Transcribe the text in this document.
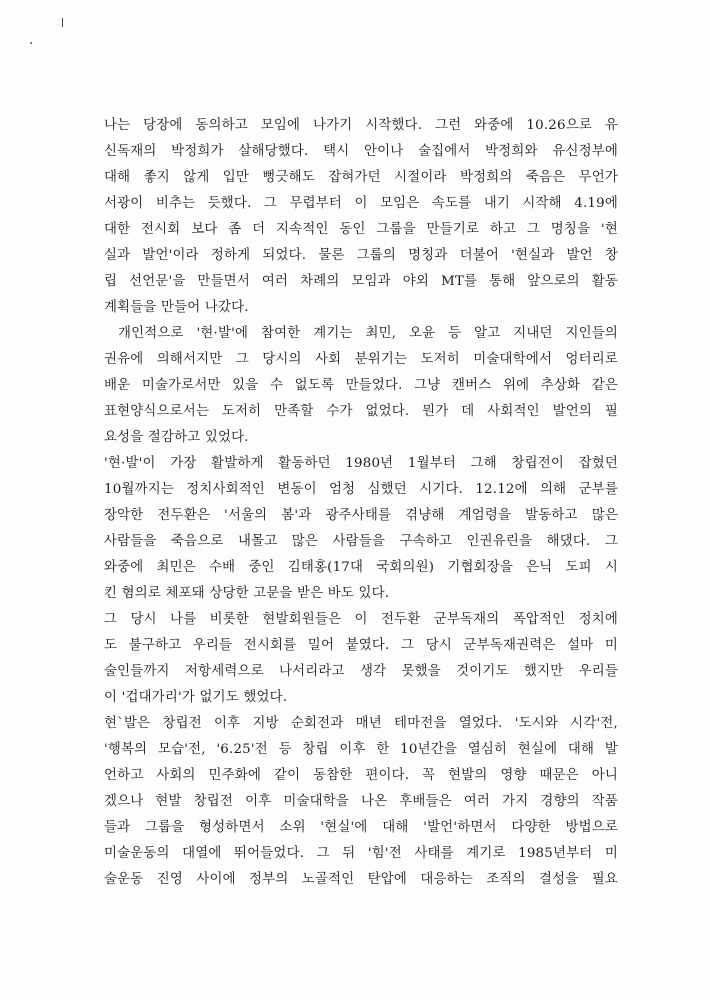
나는 당장에 동의하고 모임에 나가기 시작했다. 그런 와중에 10.26으로 유
신독재의 박정희가 살해당했다. 택시 안이나 술집에서 박정희와 유신정부에
대해 좋지 않게 입만 뻥긋해도 잡혀가던 시절이라 박정희의 죽음은 무언가
서광이 비추는 듯했다. 그 무렵부터 이 모임은 속도를 내기 시작해 4.19에
대한 전시회 보다 좀 더 지속적인 동인 그룹을 만들기로 하고 그 명칭을 '현
실과 발언'이라 정하게 되었다. 물론 그룹의 명칭과 더불어 '현실과 발언 창
립 선언문'을 만들면서 여러 차례의 모임과 야외 MT를 통해 앞으로의 활동
계획들을 만들어 나갔다.
개인적으로 '현·발'에 참여한 계기는 최민, 오윤 등 알고 지내던 지인들의
권유에 의해서지만 그 당시의 사회 분위기는 도저히 미술대학에서 엉터리로
배운 미술가로서만 있을 수 없도록 만들었다. 그냥 캔버스 위에 추상화 같은
표현양식으로서는 도저히 만족할 수가 없었다. 뭔가 데 사회적인 발언의 필
요성을 절감하고 있었다.
'현·발'이 가장 활발하게 활동하던 1980년 1월부터 그해 창립전이 잡혔던
10월까지는 정치사회적인 변동이 엄청 심했던 시기다. 12.12에 의해 군부를
장악한 전두환은 '서울의 봄'과 광주사태를 겪냥해 계엄령을 발동하고 많은
사람들을 죽음으로 내몰고 많은 사람들을 구속하고 인권유린을 해댔다. 그
와중에 최민은 수배 중인 김태홍(17대 국회의원) 기협회장을 은닉 도피 시
킨 혐의로 체포돼 상당한 고문을 받은 바도 있다.
그 당시 나를 비롯한 현발회원들은 이 전두환 군부독재의 폭압적인 정치에
도 불구하고 우리들 전시회를 밀어 붙였다. 그 당시 군부독재권력은 설마 미
술인들까지 저항세력으로 나서리라고 생각 못했을 것이기도 했지만 우리들
이 '겁대가리'가 없기도 했었다.
현`발은 창립전 이후 지방 순회전과 매년 테마전을 열었다. '도시와 시각'전,
'행복의 모습'전, '6.25'전 등 창립 이후 한 10년간을 열심히 현실에 대해 발
언하고 사회의 민주화에 같이 동참한 편이다. 꼭 현발의 영향 때문은 아니
겠으나 현발 창립전 이후 미술대학을 나온 후배들은 여러 가지 경향의 작품
들과 그룹을 형성하면서 소위 '현실'에 대해 '발언'하면서 다양한 방법으로
미술운동의 대열에 뛰어들었다. 그 뒤 '힘'전 사태를 계기로 1985년부터 미
술운동 진영 사이에 정부의 노골적인 탄압에 대응하는 조직의 결성을 필요
